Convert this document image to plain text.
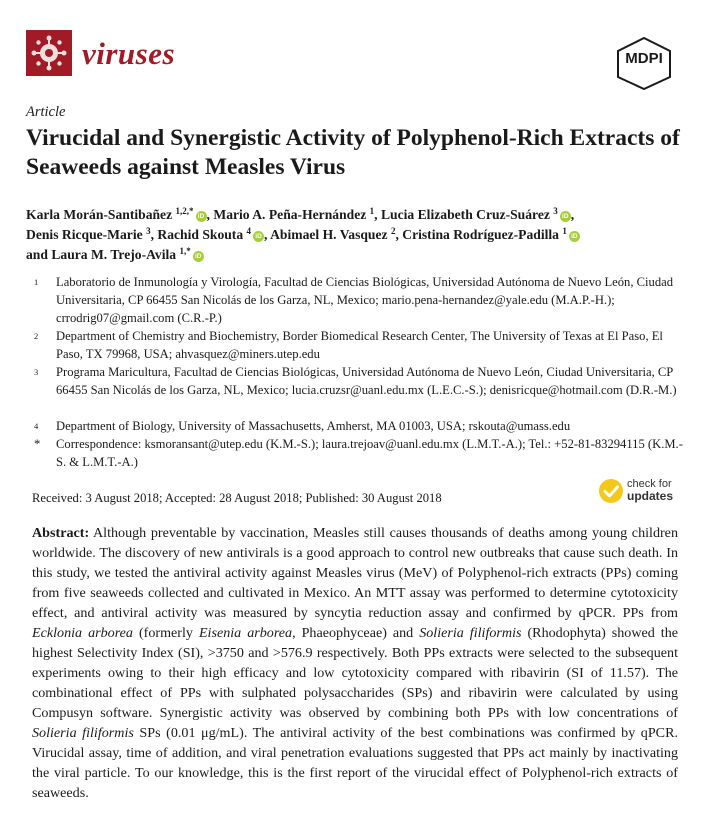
viruses	MDPI
Article
Virucidal and Synergistic Activity of Polyphenol-Rich Extracts of Seaweeds against Measles Virus
Karla Morán-Santibañez $^{1,2,*}$iD , Mario A. Peña-Hernández $^1$, Lucia Elizabeth Cruz-Suárez $^3$iD ,
Denis Ricque-Marie $^3$, Rachid Skouta $^4$iD , Abimael H. Vasquez $^2$, Cristina Rodríguez-Padilla $^1$iD
and Laura M. Trejo-Avila $^{1,*}$iD
1 Laboratorio de Inmunología y Virología, Facultad de Ciencias Biológicas, Universidad Autónoma de Nuevo León, Ciudad Universitaria, CP 66455 San Nicolás de los Garza, NL, Mexico; mario.pena-hernandez@yale.edu (M.A.P.-H.); crrodrig07@gmail.com (C.R.-P.)
2 Department of Chemistry and Biochemistry, Border Biomedical Research Center, The University of Texas at El Paso, El Paso, TX 79968, USA; ahvasquez@miners.utep.edu
3 Programa Maricultura, Facultad de Ciencias Biológicas, Universidad Autónoma de Nuevo León, Ciudad Universitaria, CP 66455 San Nicolás de los Garza, NL, Mexico; lucia.cruzsr@uanl.edu.mx (L.E.C.-S.); denisricque@hotmail.com (D.R.-M.)
4 Department of Biology, University of Massachusetts, Amherst, MA 01003, USA; rskouta@umass.edu
* Correspondence: ksmoransant@utep.edu (K.M.-S.); laura.trejoav@uanl.edu.mx (L.M.T.-A.); Tel.: +52-81-83294115 (K.M.-S. & L.M.T.-A.)
Received: 3 August 2018; Accepted: 28 August 2018; Published: 30 August 2018
check for
updates
Abstract: Although preventable by vaccination, Measles still causes thousands of deaths among young children worldwide. The discovery of new antivirals is a good approach to control new outbreaks that cause such death. In this study, we tested the antiviral activity against Measles virus (MeV) of Polyphenol-rich extracts (PPs) coming from five seaweeds collected and cultivated in Mexico. An MTT assay was performed to determine cytotoxicity effect, and antiviral activity was measured by syncytia reduction assay and confirmed by qPCR. PPs from Ecklonia arborea (formerly Eisenia arborea, Phaeophyceae) and Solieria filiformis (Rhodophyta) showed the highest Selectivity Index (SI), >3750 and >576.9 respectively. Both PPs extracts were selected to the subsequent experiments owing to their high efficacy and low cytotoxicity compared with ribavirin (SI of 11.57). The combinational effect of PPs with sulphated polysaccharides (SPs) and ribavirin were calculated by using Compusyn software. Synergistic activity was observed by combining both PPs with low concentrations of Solieria filiformis SPs (0.01 μg/mL). The antiviral activity of the best combinations was confirmed by qPCR. Virucidal assay, time of addition, and viral penetration evaluations suggested that PPs act mainly by inactivating the viral particle. To our knowledge, this is the first report of the virucidal effect of Polyphenol-rich extracts of seaweeds.
